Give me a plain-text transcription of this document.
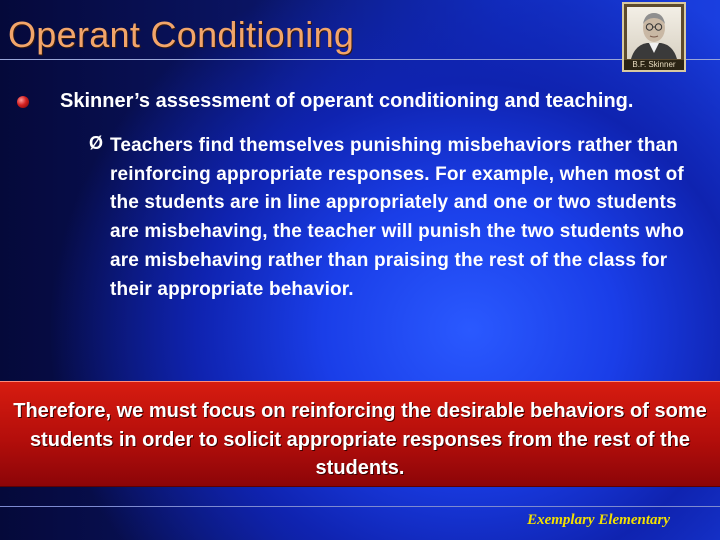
Operant Conditioning
B.F. Skinner
Skinner’s assessment of operant conditioning and teaching.
Ø Teachers find themselves punishing misbehaviors rather than reinforcing appropriate responses. For example, when most of the students are in line appropriately and one or two students are misbehaving, the teacher will punish the two students who are misbehaving rather than praising the rest of the class for their appropriate behavior.
Therefore, we must focus on reinforcing the desirable behaviors of some students in order to solicit appropriate responses from the rest of the students.
Exemplary Elementary
